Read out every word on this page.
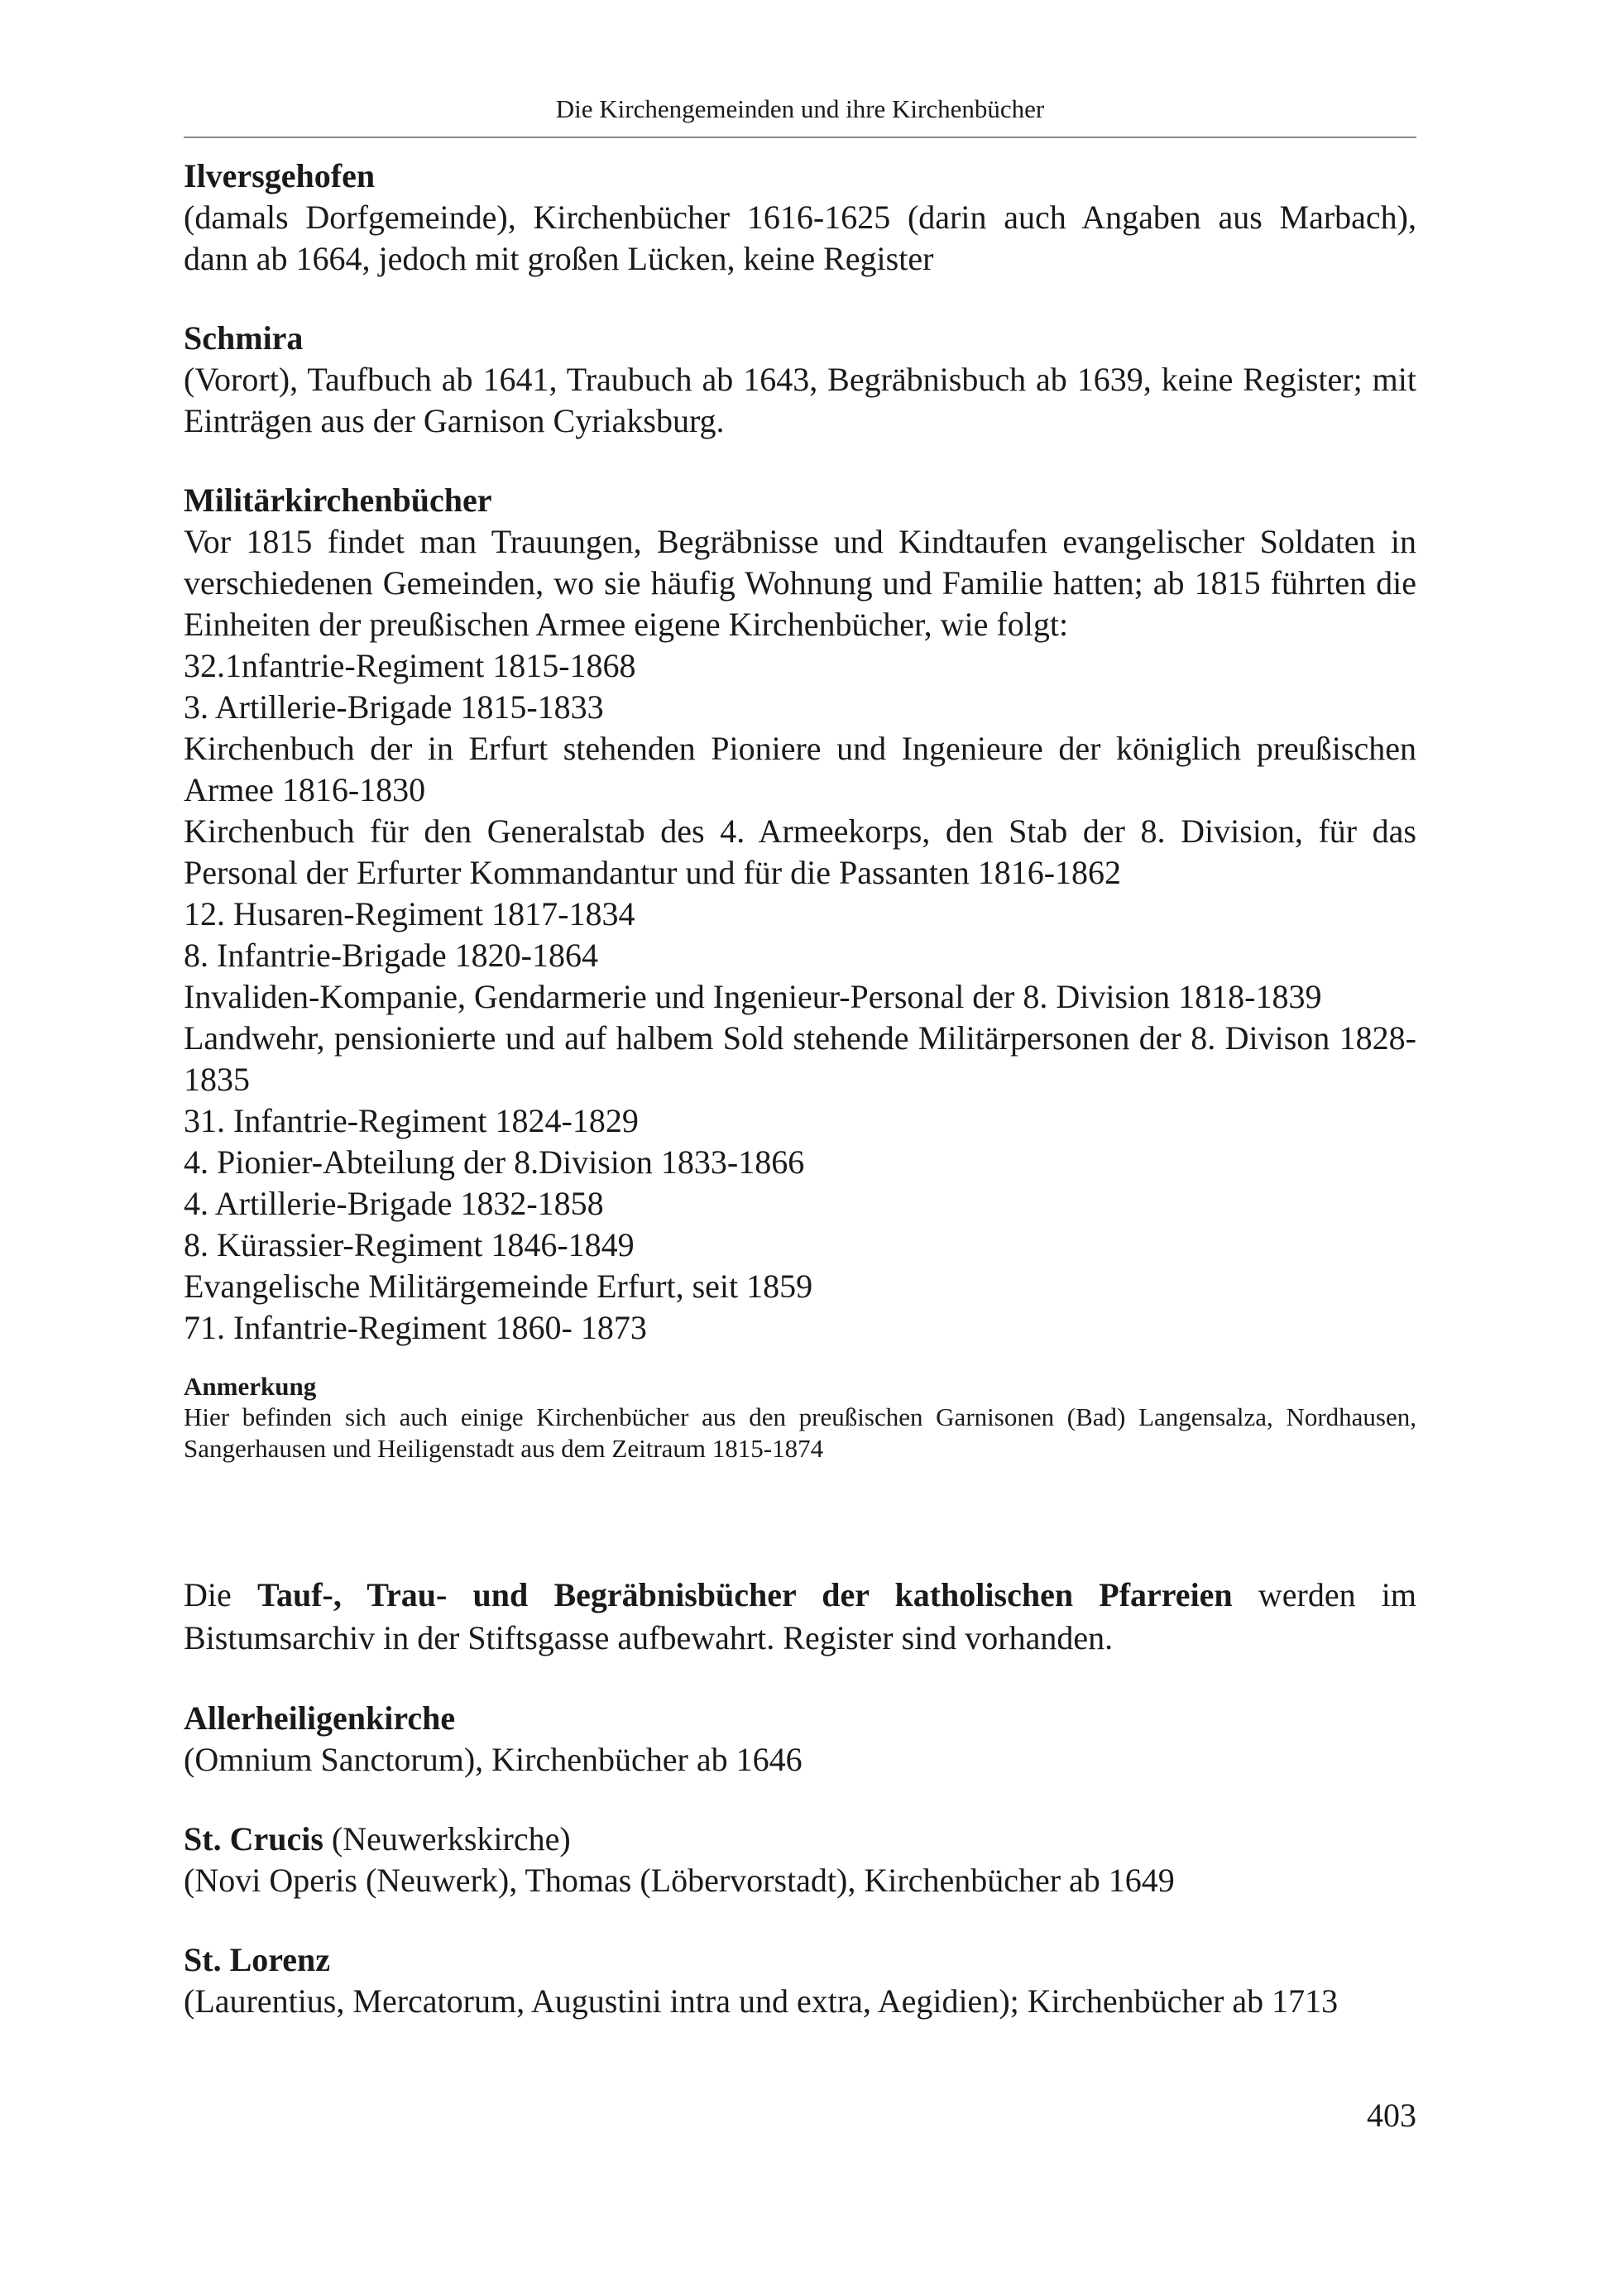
Die Kirchengemeinden und ihre Kirchenbücher
Ilversgehofen
(damals Dorfgemeinde), Kirchenbücher 1616-1625 (darin auch Angaben aus Marbach), dann ab 1664, jedoch mit großen Lücken, keine Register
Schmira
(Vorort), Taufbuch ab 1641, Traubuch ab 1643, Begräbnisbuch ab 1639, keine Register; mit Einträgen aus der Garnison Cyriaksburg.
Militärkirchenbücher
Vor 1815 findet man Trauungen, Begräbnisse und Kindtaufen evangelischer Soldaten in verschiedenen Gemeinden, wo sie häufig Wohnung und Familie hatten; ab 1815 führten die Einheiten der preußischen Armee eigene Kirchenbücher, wie folgt:
32.1nfantrie-Regiment 1815-1868
3. Artillerie-Brigade 1815-1833
Kirchenbuch der in Erfurt stehenden Pioniere und Ingenieure der königlich preußischen Armee 1816-1830
Kirchenbuch für den Generalstab des 4. Armeekorps, den Stab der 8. Division, für das Personal der Erfurter Kommandantur und für die Passanten 1816-1862
12. Husaren-Regiment 1817-1834
8. Infantrie-Brigade 1820-1864
Invaliden-Kompanie, Gendarmerie und Ingenieur-Personal der 8. Division 1818-1839
Landwehr, pensionierte und auf halbem Sold stehende Militärpersonen der 8. Divison 1828-1835
31. Infantrie-Regiment 1824-1829
4. Pionier-Abteilung der 8.Division 1833-1866
4. Artillerie-Brigade 1832-1858
8. Kürassier-Regiment 1846-1849
Evangelische Militärgemeinde Erfurt, seit 1859
71. Infantrie-Regiment 1860- 1873
Anmerkung
Hier befinden sich auch einige Kirchenbücher aus den preußischen Garnisonen (Bad) Langensalza, Nordhausen, Sangerhausen und Heiligenstadt aus dem Zeitraum 1815-1874
Die Tauf-, Trau- und Begräbnisbücher der katholischen Pfarreien werden im Bistumsarchiv in der Stiftsgasse aufbewahrt. Register sind vorhanden.
Allerheiligenkirche
(Omnium Sanctorum), Kirchenbücher ab 1646
St. Crucis (Neuwerkskirche)
(Novi Operis (Neuwerk), Thomas (Löbervorstadt), Kirchenbücher ab 1649
St. Lorenz
(Laurentius, Mercatorum, Augustini intra und extra, Aegidien); Kirchenbücher ab 1713
403
